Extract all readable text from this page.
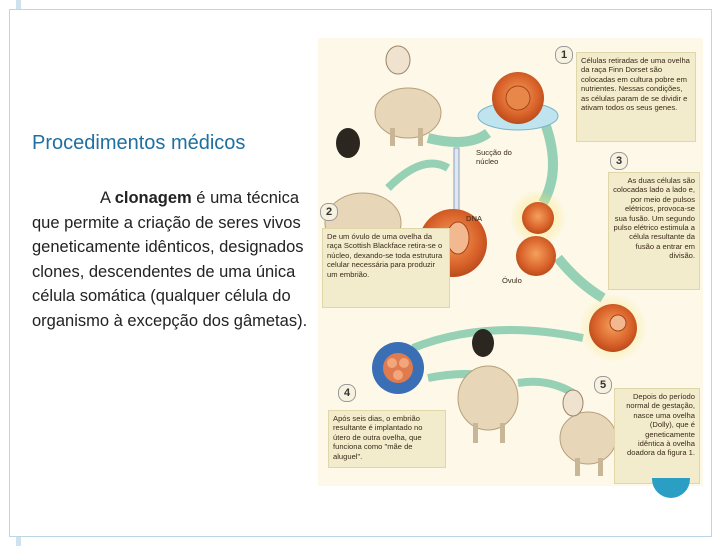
Procedimentos médicos
A clonagem é uma técnica que permite a criação de seres vivos geneticamente idênticos, designados clones, descendentes de uma única célula somática (qualquer célula do organismo à excepção dos gâmetas).
1	Células retiradas de uma ovelha da raça Finn Dorset são colocadas em cultura pobre em nutrientes. Nessas condições, as células param de se dividir e ativam todos os seus genes.
3
As duas células são colocadas lado a lado e, por meio de pulsos elétricos, provoca-se sua fusão. Um segundo pulso elétrico estimula a célula resultante da fusão a entrar em divisão.
2
De um óvulo de uma ovelha da raça Scottish Blackface retira-se o núcleo, dexando-se toda estrutura celular necessária para produzir um embrião.
Sucção do núcleo
DNA
Óvulo
4
Após seis dias, o embrião resultante é implantado no útero de outra ovelha, que funciona como "mãe de aluguel".
5
Depois do período normal de gestação, nasce uma ovelha (Dolly), que é geneticamente idêntica à ovelha doadora da figura 1.
